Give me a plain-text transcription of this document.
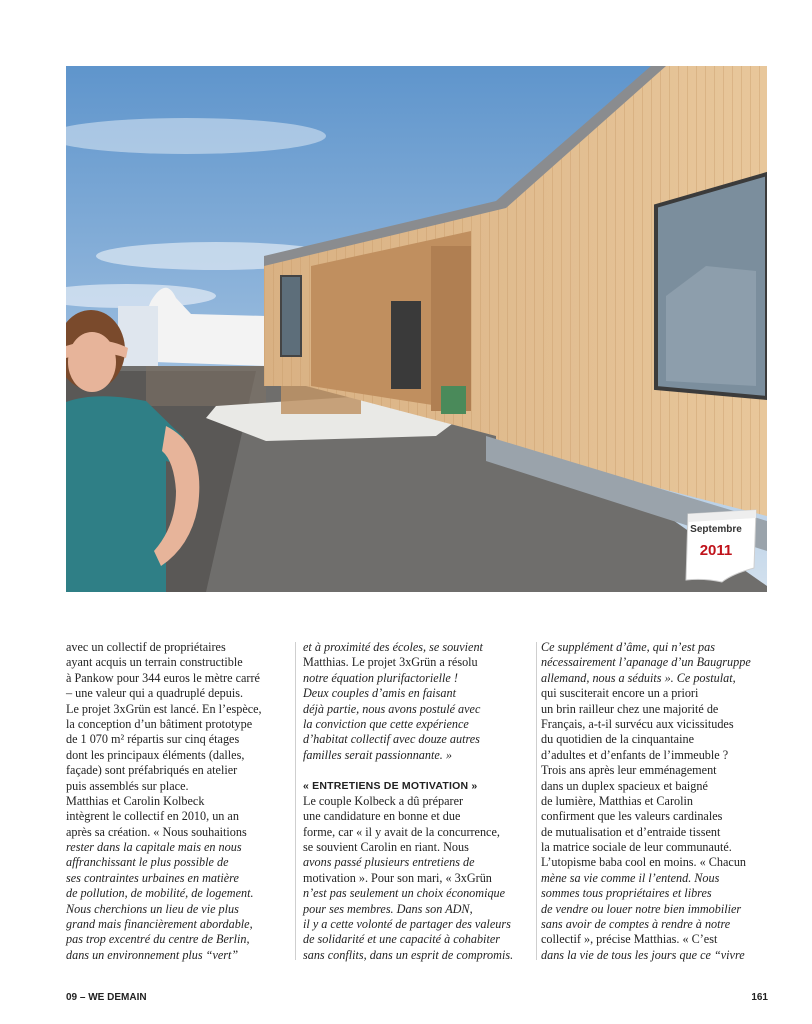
Septembre
2011
avec un collectif de propriétaires
ayant acquis un terrain constructible
à Pankow pour 344 euros le mètre carré
– une valeur qui a quadruplé depuis.
Le projet 3xGrün est lancé. En l’espèce,
la conception d’un bâtiment prototype
de 1 070 m² répartis sur cinq étages
dont les principaux éléments (dalles,
façade) sont préfabriqués en atelier
puis assemblés sur place.
Matthias et Carolin Kolbeck
intègrent le collectif en 2010, un an
après sa création. « Nous souhaitions
rester dans la capitale mais en nous
affranchissant le plus possible de
ses contraintes urbaines en matière
de pollution, de mobilité, de logement.
Nous cherchions un lieu de vie plus
grand mais financièrement abordable,
pas trop excentré du centre de Berlin,
dans un environnement plus “vert”
et à proximité des écoles, se souvient
Matthias. Le projet 3xGrün a résolu
notre équation plurifactorielle !
Deux couples d’amis en faisant
déjà partie, nous avons postulé avec
la conviction que cette expérience
d’habitat collectif avec douze autres
familles serait passionnante. »
« ENTRETIENS DE MOTIVATION »
Le couple Kolbeck a dû préparer
une candidature en bonne et due
forme, car « il y avait de la concurrence,
se souvient Carolin en riant. Nous
avons passé plusieurs entretiens de
motivation ». Pour son mari, « 3xGrün
n’est pas seulement un choix économique
pour ses membres. Dans son ADN,
il y a cette volonté de partager des valeurs
de solidarité et une capacité à cohabiter
sans conflits, dans un esprit de compromis.
Ce supplément d’âme, qui n’est pas
nécessairement l’apanage d’un Baugruppe
allemand, nous a séduits ». Ce postulat,
qui susciterait encore un a priori
un brin railleur chez une majorité de
Français, a-t-il survécu aux vicissitudes
du quotidien de la cinquantaine
d’adultes et d’enfants de l’immeuble ?
Trois ans après leur emménagement
dans un duplex spacieux et baigné
de lumière, Matthias et Carolin
confirment que les valeurs cardinales
de mutualisation et d’entraide tissent
la matrice sociale de leur communauté.
L’utopisme baba cool en moins. « Chacun
mène sa vie comme il l’entend. Nous
sommes tous propriétaires et libres
de vendre ou louer notre bien immobilier
sans avoir de comptes à rendre à notre
collectif », précise Matthias. « C’est
dans la vie de tous les jours que ce “vivre
09 – WE DEMAIN	161
